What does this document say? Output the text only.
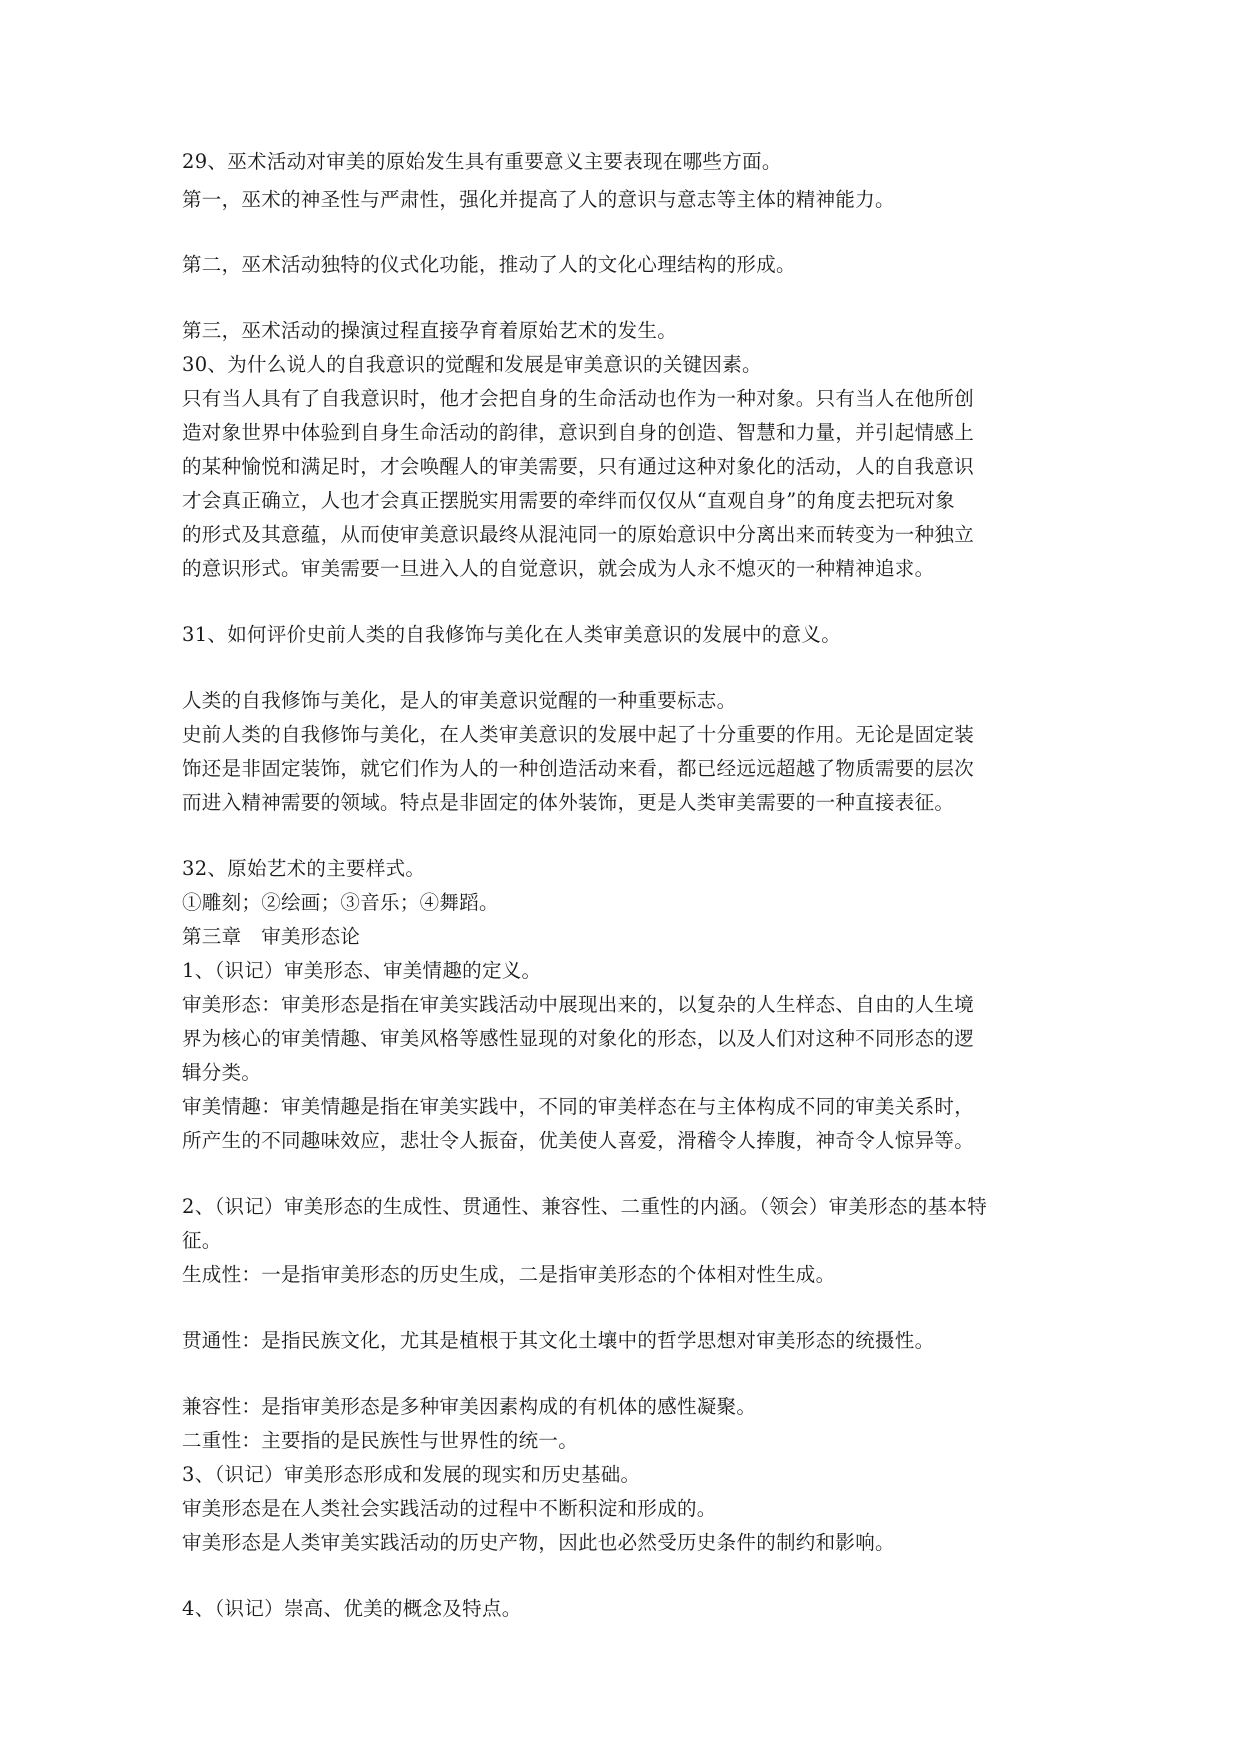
29、巫术活动对审美的原始发生具有重要意义主要表现在哪些方面。
第一，巫术的神圣性与严肃性，强化并提高了人的意识与意志等主体的精神能力。
第二，巫术活动独特的仪式化功能，推动了人的文化心理结构的形成。
第三，巫术活动的操演过程直接孕育着原始艺术的发生。
30、为什么说人的自我意识的觉醒和发展是审美意识的关键因素。
只有当人具有了自我意识时，他才会把自身的生命活动也作为一种对象。只有当人在他所创
造对象世界中体验到自身生命活动的韵律，意识到自身的创造、智慧和力量，并引起情感上
的某种愉悦和满足时，才会唤醒人的审美需要，只有通过这种对象化的活动，人的自我意识
才会真正确立，人也才会真正摆脱实用需要的牵绊而仅仅从“直观自身”的角度去把玩对象
的形式及其意蕴，从而使审美意识最终从混沌同一的原始意识中分离出来而转变为一种独立
的意识形式。审美需要一旦进入人的自觉意识，就会成为人永不熄灭的一种精神追求。
31、如何评价史前人类的自我修饰与美化在人类审美意识的发展中的意义。
人类的自我修饰与美化，是人的审美意识觉醒的一种重要标志。
史前人类的自我修饰与美化，在人类审美意识的发展中起了十分重要的作用。无论是固定装
饰还是非固定装饰，就它们作为人的一种创造活动来看，都已经远远超越了物质需要的层次
而进入精神需要的领域。特点是非固定的体外装饰，更是人类审美需要的一种直接表征。
32、原始艺术的主要样式。
①雕刻；②绘画；③音乐；④舞蹈。
第三章　审美形态论
1、（识记）审美形态、审美情趣的定义。
审美形态：审美形态是指在审美实践活动中展现出来的，以复杂的人生样态、自由的人生境
界为核心的审美情趣、审美风格等感性显现的对象化的形态，以及人们对这种不同形态的逻
辑分类。
审美情趣：审美情趣是指在审美实践中，不同的审美样态在与主体构成不同的审美关系时，
所产生的不同趣味效应，悲壮令人振奋，优美使人喜爱，滑稽令人捧腹，神奇令人惊异等。
2、（识记）审美形态的生成性、贯通性、兼容性、二重性的内涵。（领会）审美形态的基本特
征。
生成性：一是指审美形态的历史生成，二是指审美形态的个体相对性生成。
贯通性：是指民族文化，尤其是植根于其文化土壤中的哲学思想对审美形态的统摄性。
兼容性：是指审美形态是多种审美因素构成的有机体的感性凝聚。
二重性：主要指的是民族性与世界性的统一。
3、（识记）审美形态形成和发展的现实和历史基础。
审美形态是在人类社会实践活动的过程中不断积淀和形成的。
审美形态是人类审美实践活动的历史产物，因此也必然受历史条件的制约和影响。
4、（识记）崇高、优美的概念及特点。
